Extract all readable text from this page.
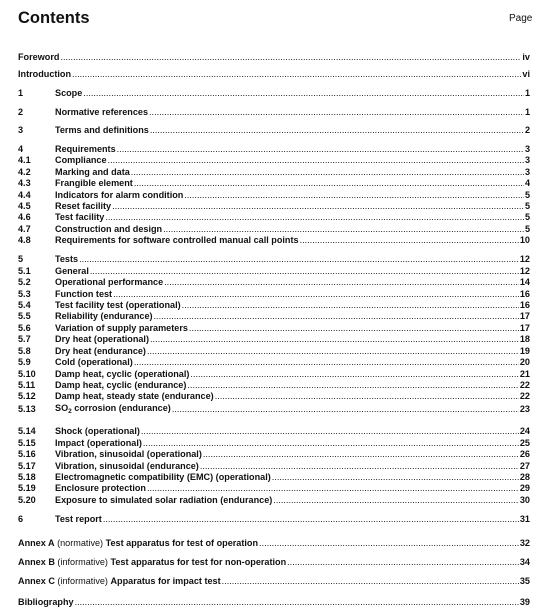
Contents	Page
Foreword .....	iv
Introduction .....	vi
1	Scope .....	1
2	Normative references .....	1
3	Terms and definitions .....	2
4	Requirements .....	3
4.1	Compliance .....	3
4.2	Marking and data .....	3
4.3	Frangible element .....	4
4.4	Indicators for alarm condition .....	5
4.5	Reset facility .....	5
4.6	Test facility .....	5
4.7	Construction and design .....	5
4.8	Requirements for software controlled manual call points .....	10
5	Tests .....	12
5.1	General .....	12
5.2	Operational performance .....	14
5.3	Function test .....	16
5.4	Test facility test (operational) .....	16
5.5	Reliability (endurance) .....	17
5.6	Variation of supply parameters .....	17
5.7	Dry heat (operational) .....	18
5.8	Dry heat (endurance) .....	19
5.9	Cold (operational) .....	20
5.10	Damp heat, cyclic (operational) .....	21
5.11	Damp heat, cyclic (endurance) .....	22
5.12	Damp heat, steady state (endurance) .....	22
5.13	$SO_2$ corrosion (endurance) .....	23
5.14	Shock (operational) .....	24
5.15	Impact (operational) .....	25
5.16	Vibration, sinusoidal (operational) .....	26
5.17	Vibration, sinusoidal (endurance) .....	27
5.18	Electromagnetic compatibility (EMC) (operational) .....	28
5.19	Enclosure protection .....	29
5.20	Exposure to simulated solar radiation (endurance) .....	30
6	Test report .....	31
Annex A (normative) Test apparatus for test of operation .....	32
Annex B (informative) Test apparatus for test for non-operation .....	34
Annex C (informative) Apparatus for impact test .....	35
Bibliography .....	39
